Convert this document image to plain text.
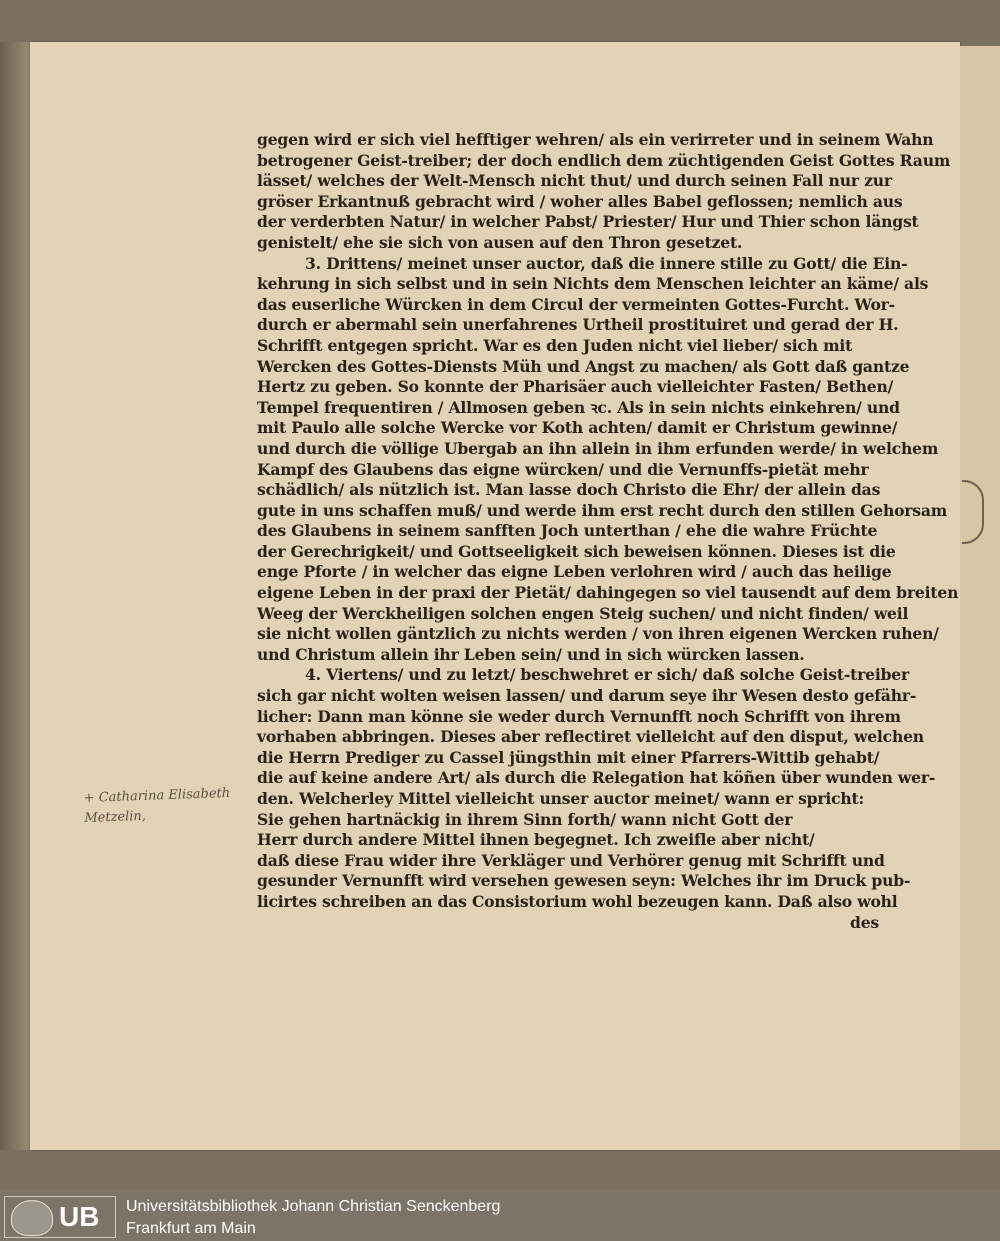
gegen wird er sich viel hefftiger wehren/ als ein verirreter und in seinem Wahn
betrogener Geist-treiber; der doch endlich dem züchtigenden Geist Gottes Raum
lässet/ welches der Welt-Mensch nicht thut/ und durch seinen Fall nur zur
gröser Erkantnuß gebracht wird / woher alles Babel geflossen; nemlich aus
der verderbten Natur/ in welcher Pabst/ Priester/ Hur und Thier schon längst
genistelt/ ehe sie sich von ausen auf den Thron gesetzet.
3. Drittens/ meinet unser auctor, daß die innere stille zu Gott/ die Ein-
kehrung in sich selbst und in sein Nichts dem Menschen leichter an käme/ als
das euserliche Würcken in dem Circul der vermeinten Gottes-Furcht. Wor-
durch er abermahl sein unerfahrenes Urtheil prostituiret und gerad der H.
Schrifft entgegen spricht. War es den Juden nicht viel lieber/ sich mit
Wercken des Gottes-Diensts Müh und Angst zu machen/ als Gott daß gantze
Hertz zu geben. So konnte der Pharisäer auch vielleichter Fasten/ Bethen/
Tempel frequentiren / Allmosen geben ꝛc. Als in sein nichts einkehren/ und
mit Paulo alle solche Wercke vor Koth achten/ damit er Christum gewinne/
und durch die völlige Ubergab an ihn allein in ihm erfunden werde/ in welchem
Kampf des Glaubens das eigne würcken/ und die Vernunffs-pietät mehr
schädlich/ als nützlich ist. Man lasse doch Christo die Ehr/ der allein das
gute in uns schaffen muß/ und werde ihm erst recht durch den stillen Gehorsam
des Glaubens in seinem sanfften Joch unterthan / ehe die wahre Früchte
der Gerechrigkeit/ und Gottseeligkeit sich beweisen können. Dieses ist die
enge Pforte / in welcher das eigne Leben verlohren wird / auch das heilige
eigene Leben in der praxi der Pietät/ dahingegen so viel tausendt auf dem breiten
Weeg der Werckheiligen solchen engen Steig suchen/ und nicht finden/ weil
sie nicht wollen gäntzlich zu nichts werden / von ihren eigenen Wercken ruhen/
und Christum allein ihr Leben sein/ und in sich würcken lassen.
4. Viertens/ und zu letzt/ beschwehret er sich/ daß solche Geist-treiber
sich gar nicht wolten weisen lassen/ und darum seye ihr Wesen desto gefähr-
licher: Dann man könne sie weder durch Vernunfft noch Schrifft von ihrem
vorhaben abbringen. Dieses aber reflectiret vielleicht auf den disput, welchen
die Herrn Prediger zu Cassel jüngsthin mit einer Pfarrers-Wittib gehabt/
die auf keine andere Art/ als durch die Relegation hat köñen über wunden wer-
den. Welcherley Mittel vielleicht unser auctor meinet/ wann er spricht:
Sie gehen hartnäckig in ihrem Sinn forth/ wann nicht Gott der
Herr durch andere Mittel ihnen begegnet. Ich zweifle aber nicht/
daß diese Frau wider ihre Verkläger und Verhörer genug mit Schrifft und
gesunder Vernunfft wird versehen gewesen seyn: Welches ihr im Druck pub-
licirtes schreiben an das Consistorium wohl bezeugen kann. Daß also wohl
des
+ Catharina Elisabeth
Metzelin,
UB Universitätsbibliothek Johann Christian Senckenberg
Frankfurt am Main
